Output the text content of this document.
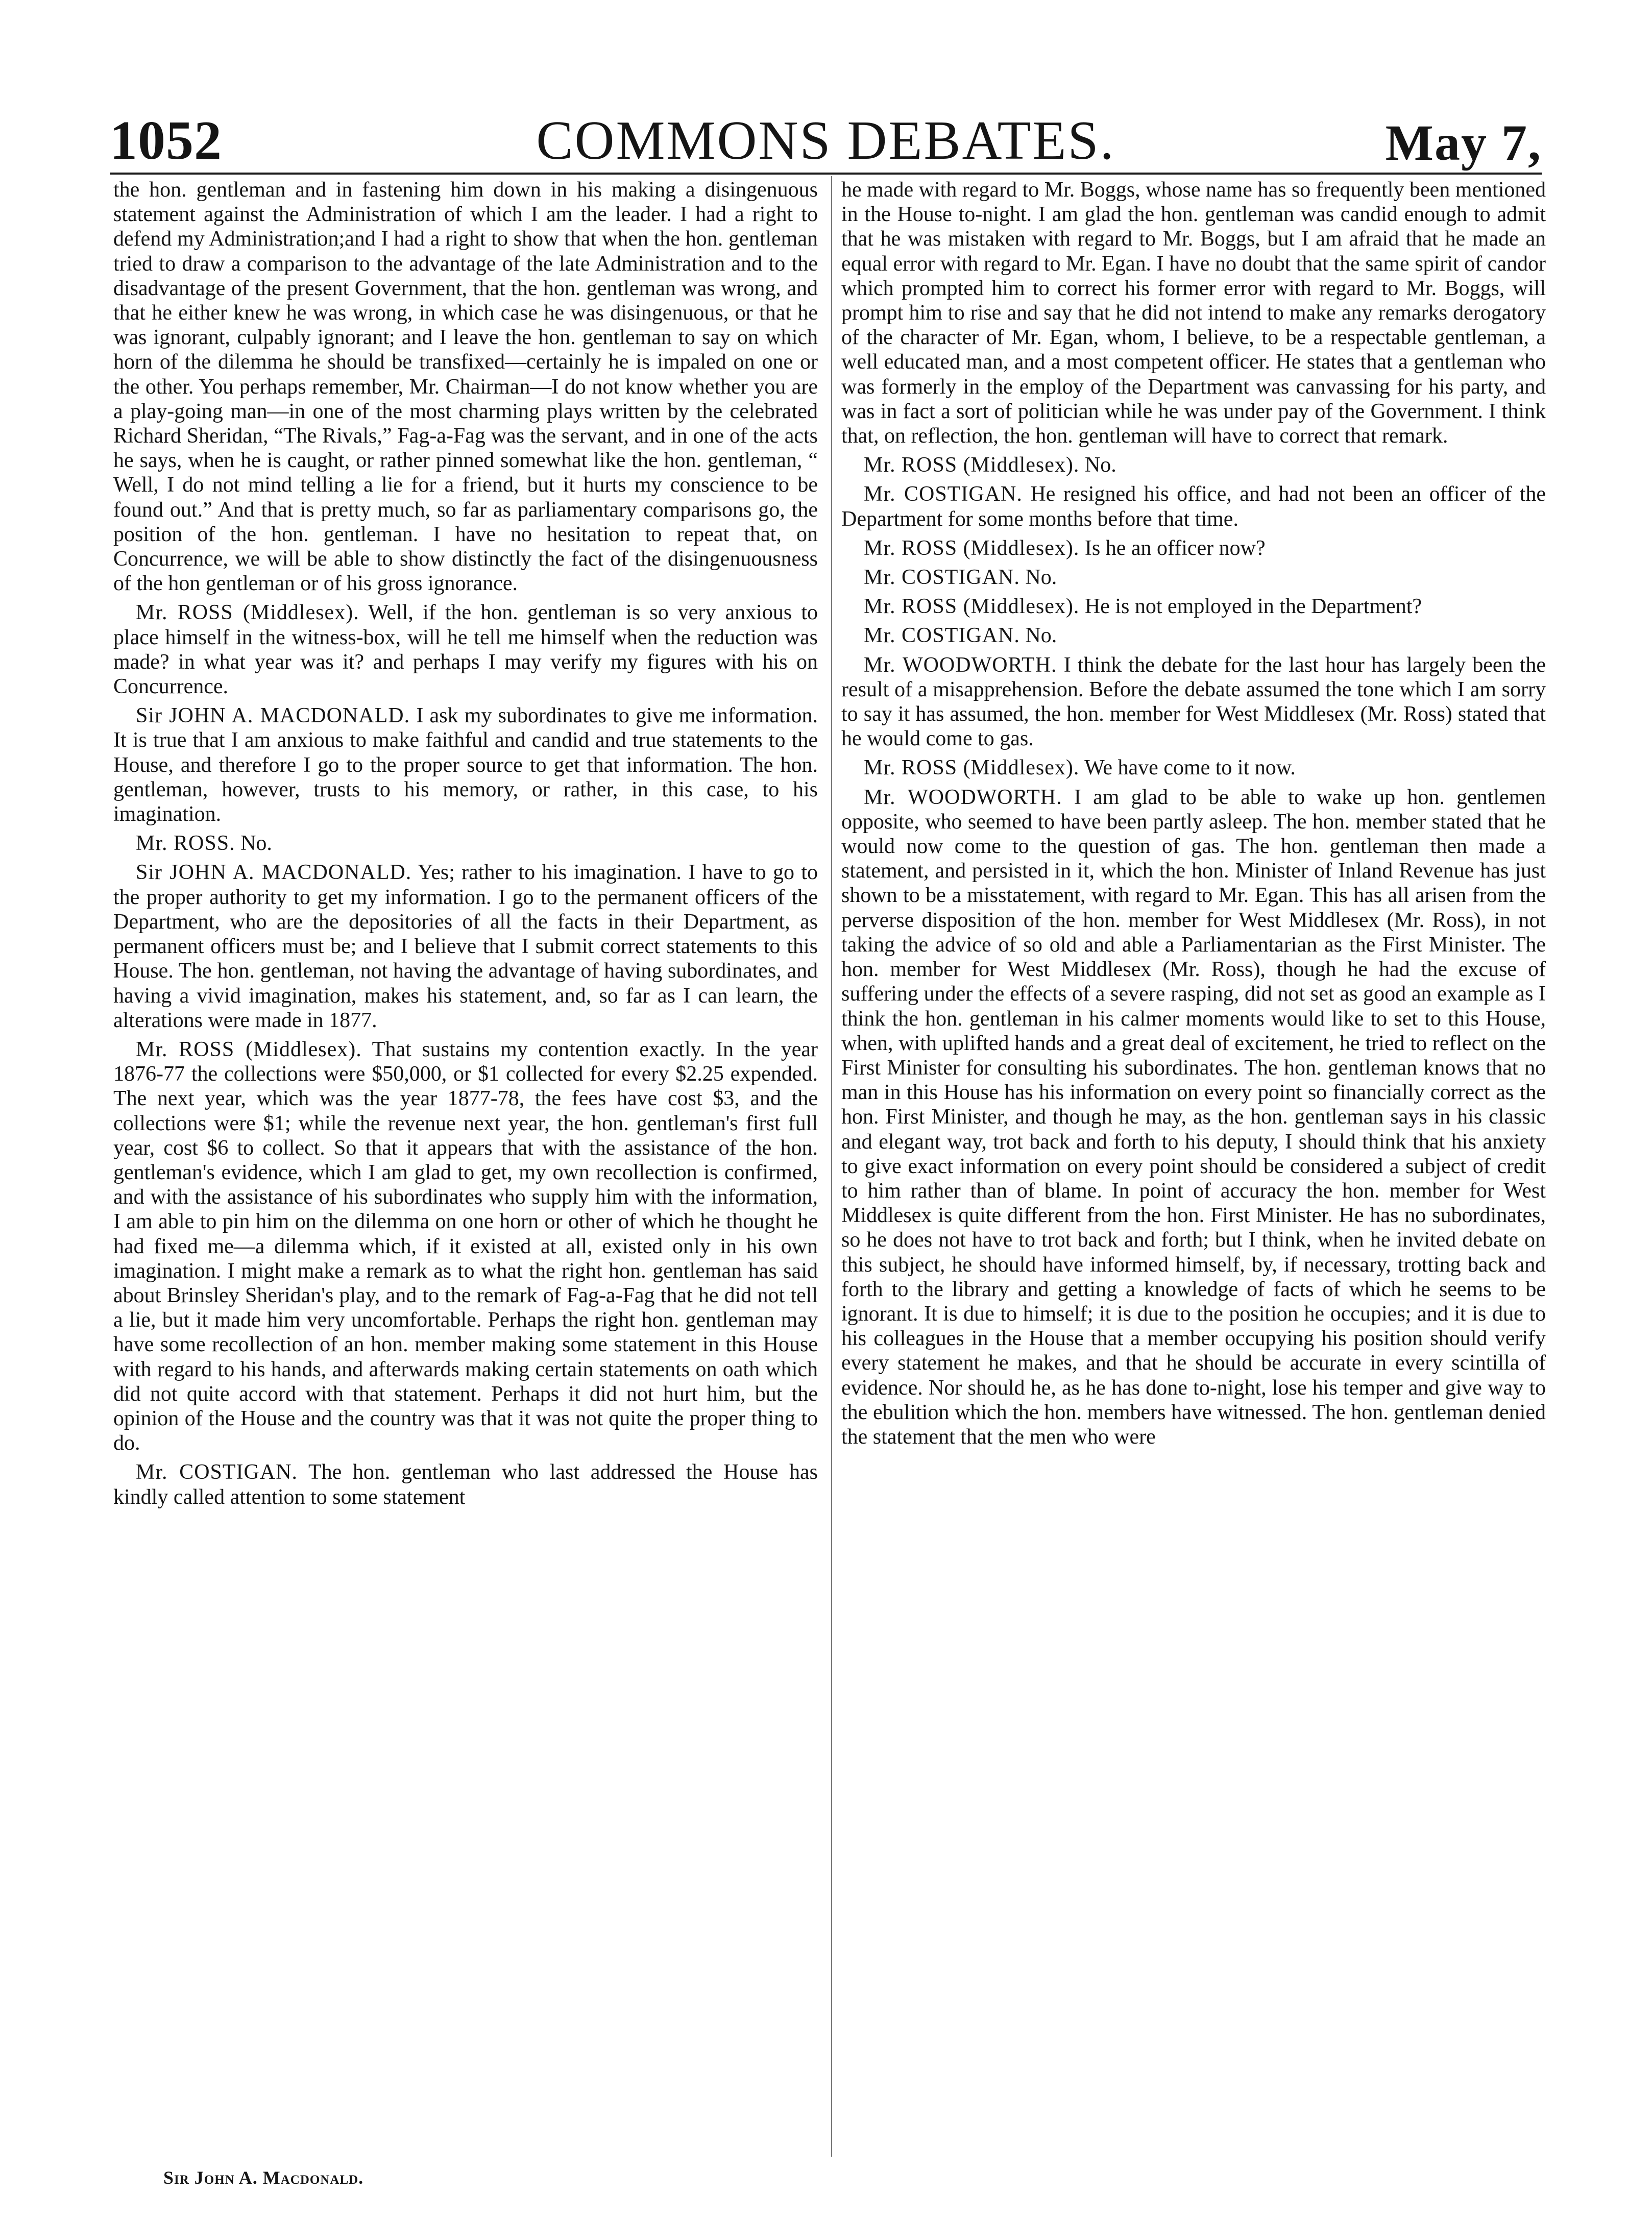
1052	COMMONS DEBATES.	May 7,

the hon. gentleman and in fastening him down in his making a disingenuous statement against the Administration of which I am the leader. I had a right to defend my Administration;and I had a right to show that when the hon. gentleman tried to draw a comparison to the advantage of the late Administration and to the disadvantage of the present Government, that the hon. gentleman was wrong, and that he either knew he was wrong, in which case he was disingenuous, or that he was ignorant, culpably ignorant; and I leave the hon. gentleman to say on which horn of the dilemma he should be transfixed—certainly he is impaled on one or the other. You perhaps remember, Mr. Chairman—I do not know whether you are a play-going man—in one of the most charming plays written by the celebrated Richard Sheridan, “The Rivals,” Fag-a-Fag was the servant, and in one of the acts he says, when he is caught, or rather pinned somewhat like the hon. gentleman, “ Well, I do not mind telling a lie for a friend, but it hurts my conscience to be found out.” And that is pretty much, so far as parliamentary comparisons go, the position of the hon. gentleman. I have no hesitation to repeat that, on Concurrence, we will be able to show distinctly the fact of the disingenuousness of the hon gentleman or of his gross ignorance.

Mr. ROSS (Middlesex). Well, if the hon. gentleman is so very anxious to place himself in the witness-box, will he tell me himself when the reduction was made? in what year was it? and perhaps I may verify my figures with his on Concurrence.

Sir JOHN A. MACDONALD. I ask my subordinates to give me information. It is true that I am anxious to make faithful and candid and true statements to the House, and therefore I go to the proper source to get that information. The hon. gentleman, however, trusts to his memory, or rather, in this case, to his imagination.

Mr. ROSS. No.

Sir JOHN A. MACDONALD. Yes; rather to his imagination. I have to go to the proper authority to get my information. I go to the permanent officers of the Department, who are the depositories of all the facts in their Department, as permanent officers must be; and I believe that I submit correct statements to this House. The hon. gentleman, not having the advantage of having subordinates, and having a vivid imagination, makes his statement, and, so far as I can learn, the alterations were made in 1877.

Mr. ROSS (Middlesex). That sustains my contention exactly. In the year 1876-77 the collections were $50,000, or $1 collected for every $2.25 expended. The next year, which was the year 1877-78, the fees have cost $3, and the collections were $1; while the revenue next year, the hon. gentleman's first full year, cost $6 to collect. So that it appears that with the assistance of the hon. gentleman's evidence, which I am glad to get, my own recollection is confirmed, and with the assistance of his subordinates who supply him with the information, I am able to pin him on the dilemma on one horn or other of which he thought he had fixed me—a dilemma which, if it existed at all, existed only in his own imagination. I might make a remark as to what the right hon. gentleman has said about Brinsley Sheridan's play, and to the remark of Fag-a-Fag that he did not tell a lie, but it made him very uncomfortable. Perhaps the right hon. gentleman may have some recollection of an hon. member making some statement in this House with regard to his hands, and afterwards making certain statements on oath which did not quite accord with that statement. Perhaps it did not hurt him, but the opinion of the House and the country was that it was not quite the proper thing to do.

Mr. COSTIGAN. The hon. gentleman who last addressed the House has kindly called attention to some statement

he made with regard to Mr. Boggs, whose name has so frequently been mentioned in the House to-night. I am glad the hon. gentleman was candid enough to admit that he was mistaken with regard to Mr. Boggs, but I am afraid that he made an equal error with regard to Mr. Egan. I have no doubt that the same spirit of candor which prompted him to correct his former error with regard to Mr. Boggs, will prompt him to rise and say that he did not intend to make any remarks derogatory of the character of Mr. Egan, whom, I believe, to be a respectable gentleman, a well educated man, and a most competent officer. He states that a gentleman who was formerly in the employ of the Department was canvassing for his party, and was in fact a sort of politician while he was under pay of the Government. I think that, on reflection, the hon. gentleman will have to correct that remark.

Mr. ROSS (Middlesex). No.

Mr. COSTIGAN. He resigned his office, and had not been an officer of the Department for some months before that time.

Mr. ROSS (Middlesex). Is he an officer now?

Mr. COSTIGAN. No.

Mr. ROSS (Middlesex). He is not employed in the Department?

Mr. COSTIGAN. No.

Mr. WOODWORTH. I think the debate for the last hour has largely been the result of a misapprehension. Before the debate assumed the tone which I am sorry to say it has assumed, the hon. member for West Middlesex (Mr. Ross) stated that he would come to gas.

Mr. ROSS (Middlesex). We have come to it now.

Mr. WOODWORTH. I am glad to be able to wake up hon. gentlemen opposite, who seemed to have been partly asleep. The hon. member stated that he would now come to the question of gas. The hon. gentleman then made a statement, and persisted in it, which the hon. Minister of Inland Revenue has just shown to be a misstatement, with regard to Mr. Egan. This has all arisen from the perverse disposition of the hon. member for West Middlesex (Mr. Ross), in not taking the advice of so old and able a Parliamentarian as the First Minister. The hon. member for West Middlesex (Mr. Ross), though he had the excuse of suffering under the effects of a severe rasping, did not set as good an example as I think the hon. gentleman in his calmer moments would like to set to this House, when, with uplifted hands and a great deal of excitement, he tried to reflect on the First Minister for consulting his subordinates. The hon. gentleman knows that no man in this House has his information on every point so financially correct as the hon. First Minister, and though he may, as the hon. gentleman says in his classic and elegant way, trot back and forth to his deputy, I should think that his anxiety to give exact information on every point should be considered a subject of credit to him rather than of blame. In point of accuracy the hon. member for West Middlesex is quite different from the hon. First Minister. He has no subordinates, so he does not have to trot back and forth; but I think, when he invited debate on this subject, he should have informed himself, by, if necessary, trotting back and forth to the library and getting a knowledge of facts of which he seems to be ignorant. It is due to himself; it is due to the position he occupies; and it is due to his colleagues in the House that a member occupying his position should verify every statement he makes, and that he should be accurate in every scintilla of evidence. Nor should he, as he has done to-night, lose his temper and give way to the ebulition which the hon. members have witnessed. The hon. gentleman denied the statement that the men who were

Sir John A. Macdonald.
